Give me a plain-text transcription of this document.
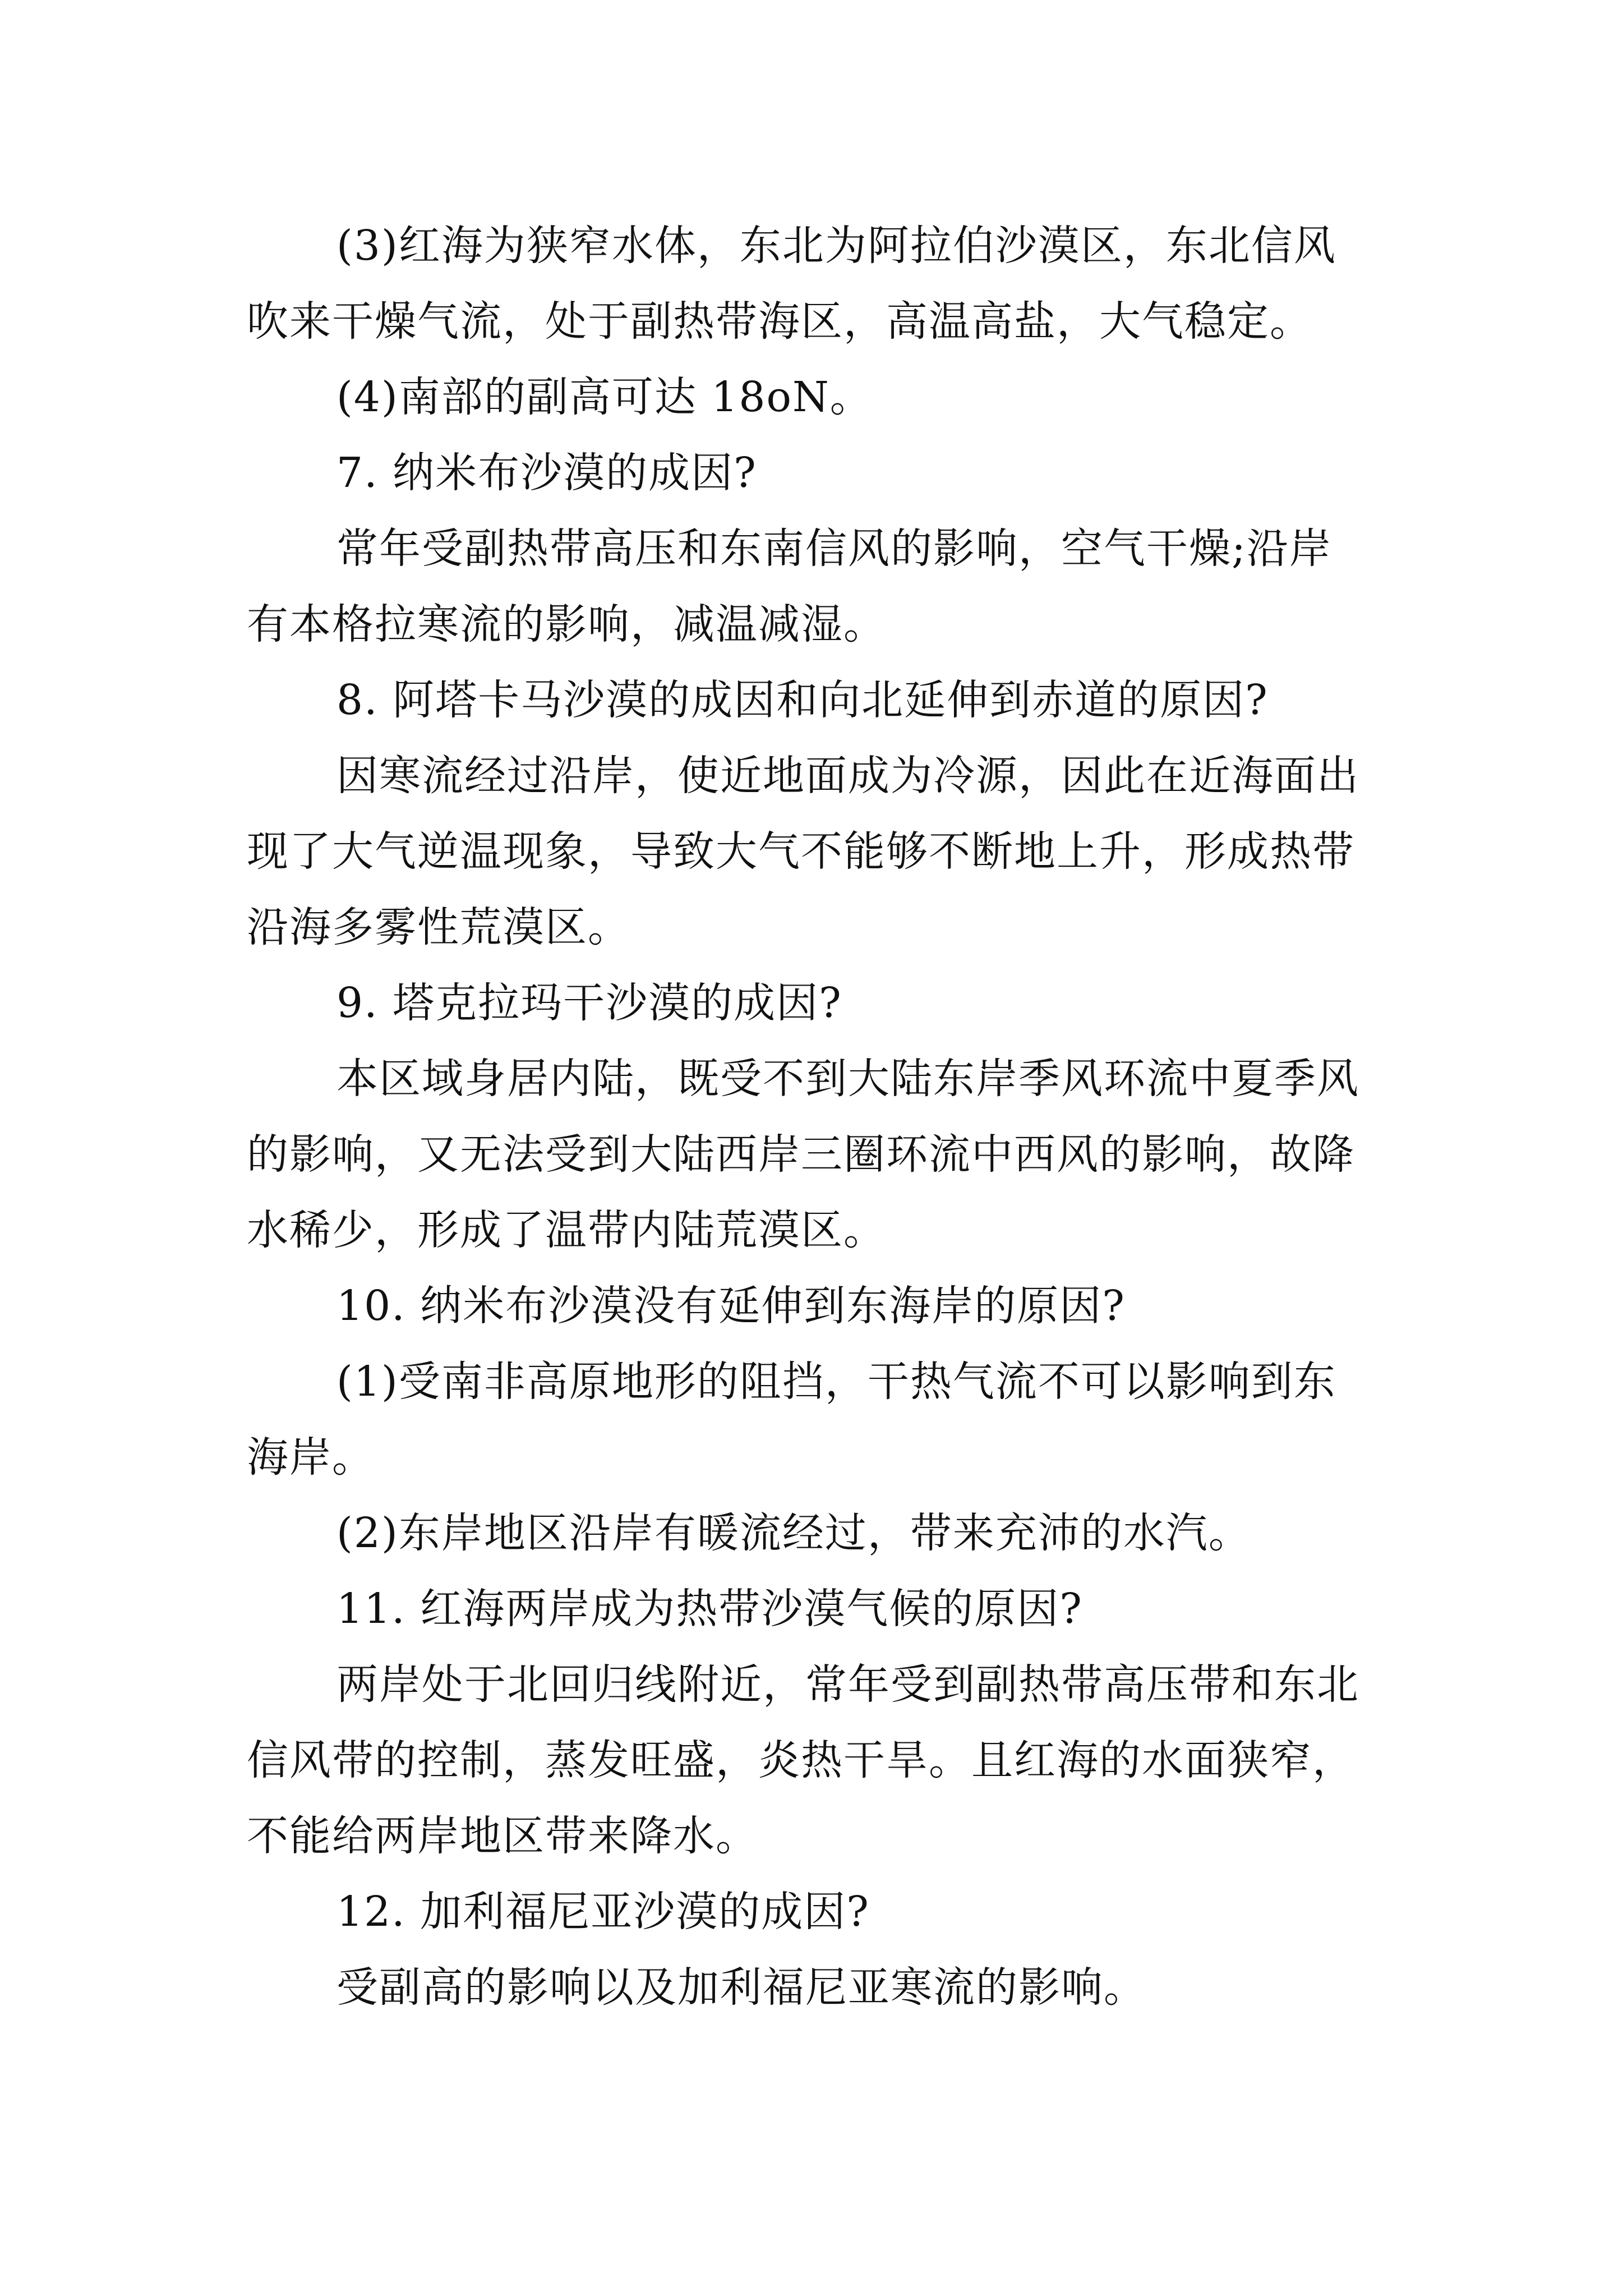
(3)红海为狭窄水体，东北为阿拉伯沙漠区，东北信风

吹来干燥气流，处于副热带海区，高温高盐，大气稳定。

(4)南部的副高可达 18oN。

7. 纳米布沙漠的成因?

常年受副热带高压和东南信风的影响，空气干燥;沿岸

有本格拉寒流的影响，减温减湿。

8. 阿塔卡马沙漠的成因和向北延伸到赤道的原因?

因寒流经过沿岸，使近地面成为冷源，因此在近海面出

现了大气逆温现象，导致大气不能够不断地上升，形成热带

沿海多雾性荒漠区。

9. 塔克拉玛干沙漠的成因?

本区域身居内陆，既受不到大陆东岸季风环流中夏季风

的影响，又无法受到大陆西岸三圈环流中西风的影响，故降

水稀少，形成了温带内陆荒漠区。

10. 纳米布沙漠没有延伸到东海岸的原因?

(1)受南非高原地形的阻挡，干热气流不可以影响到东

海岸。

(2)东岸地区沿岸有暖流经过，带来充沛的水汽。

11. 红海两岸成为热带沙漠气候的原因?

两岸处于北回归线附近，常年受到副热带高压带和东北

信风带的控制，蒸发旺盛，炎热干旱。且红海的水面狭窄，

不能给两岸地区带来降水。

12. 加利福尼亚沙漠的成因?

受副高的影响以及加利福尼亚寒流的影响。
